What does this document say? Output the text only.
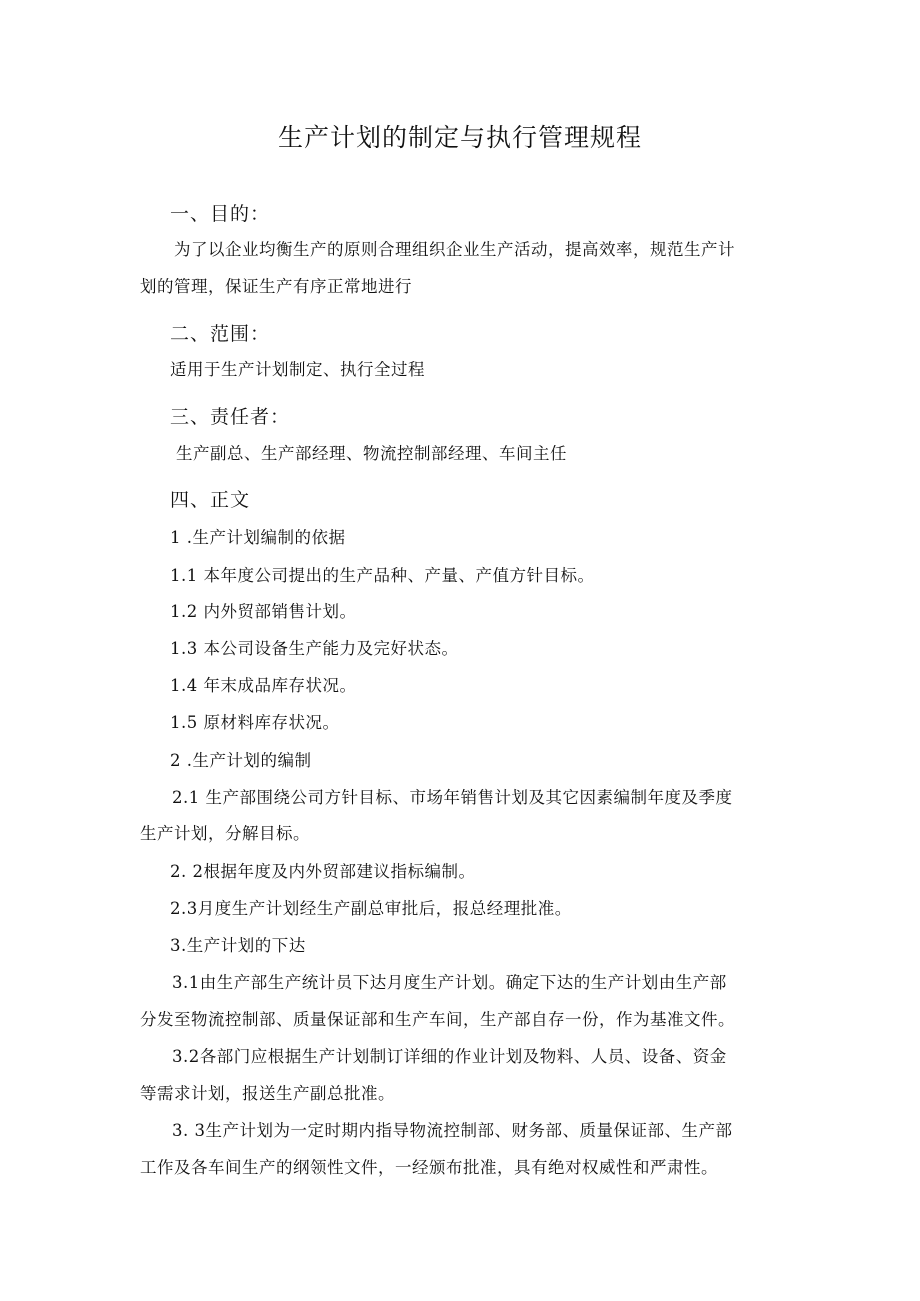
生产计划的制定与执行管理规程

一、目的：

为了以企业均衡生产的原则合理组织企业生产活动，提高效率，规范生产计

划的管理，保证生产有序正常地进行

二、范围：

适用于生产计划制定、执行全过程

三、责任者：

生产副总、生产部经理、物流控制部经理、车间主任

四、正文

1 .生产计划编制的依据

1.1 本年度公司提出的生产品种、产量、产值方针目标。

1.2 内外贸部销售计划。

1.3 本公司设备生产能力及完好状态。

1.4 年末成品库存状况。

1.5 原材料库存状况。

2 .生产计划的编制

2.1 生产部围绕公司方针目标、市场年销售计划及其它因素编制年度及季度

生产计划，分解目标。

2. 2根据年度及内外贸部建议指标编制。

2.3月度生产计划经生产副总审批后，报总经理批准。

3.生产计划的下达

3.1由生产部生产统计员下达月度生产计划。确定下达的生产计划由生产部

分发至物流控制部、质量保证部和生产车间，生产部自存一份，作为基准文件。

3.2各部门应根据生产计划制订详细的作业计划及物料、人员、设备、资金

等需求计划，报送生产副总批准。

3. 3生产计划为一定时期内指导物流控制部、财务部、质量保证部、生产部

工作及各车间生产的纲领性文件，一经颁布批准，具有绝对权威性和严肃性。
